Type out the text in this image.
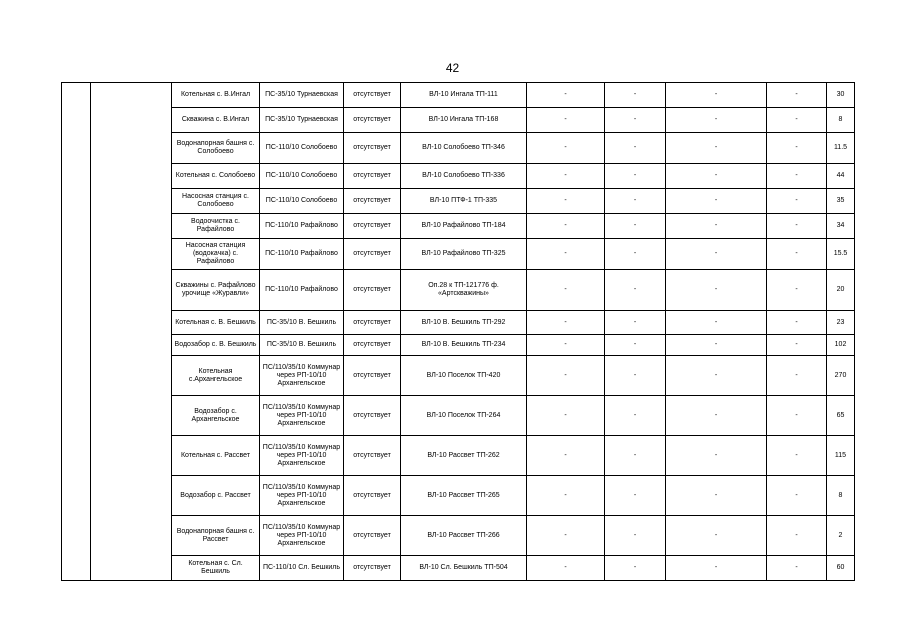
42
		Котельная с. В.Ингал	ПС-35/10 Турнаевская	отсутствует	ВЛ-10 Ингала ТП-111	-	-	-	-	30
		Скважина с. В.Ингал	ПС-35/10 Турнаевская	отсутствует	ВЛ-10 Ингала ТП-168	-	-	-	-	8
		Водонапорная башня с. Солобоево	ПС-110/10 Солобоево	отсутствует	ВЛ-10 Солобоево ТП-346	-	-	-	-	11.5
		Котельная с. Солобоево	ПС-110/10 Солобоево	отсутствует	ВЛ-10 Солобоево ТП-336	-	-	-	-	44
		Насосная станция с. Солобоево	ПС-110/10 Солобоево	отсутствует	ВЛ-10 ПТФ-1 ТП-335	-	-	-	-	35
		Водоочистка с. Рафайлово	ПС-110/10 Рафайлово	отсутствует	ВЛ-10 Рафайлово ТП-184	-	-	-	-	34
		Насосная станция (водокачка) с. Рафайлово	ПС-110/10 Рафайлово	отсутствует	ВЛ-10 Рафайлово ТП-325	-	-	-	-	15.5
		Скважины с. Рафайлово урочище «Журавли»	ПС-110/10 Рафайлово	отсутствует	Оп.28 к ТП-121776 ф. «Артскважины»	-	-	-	-	20
		Котельная с. В. Бешкиль	ПС-35/10 В. Бешкиль	отсутствует	ВЛ-10 В. Бешкиль ТП-292	-	-	-	-	23
		Водозабор с. В. Бешкиль	ПС-35/10 В. Бешкиль	отсутствует	ВЛ-10 В. Бешкиль ТП-234	-	-	-	-	102
		Котельная с.Архангельское	ПС/110/35/10 Коммунар через РП-10/10 Архангельское	отсутствует	ВЛ-10 Поселок ТП-420	-	-	-	-	270
		Водозабор с. Архангельское	ПС/110/35/10 Коммунар через РП-10/10 Архангельское	отсутствует	ВЛ-10 Поселок ТП-264	-	-	-	-	65
		Котельная с. Рассвет	ПС/110/35/10 Коммунар через РП-10/10 Архангельское	отсутствует	ВЛ-10 Рассвет ТП-262	-	-	-	-	115
		Водозабор с. Рассвет	ПС/110/35/10 Коммунар через РП-10/10 Архангельское	отсутствует	ВЛ-10 Рассвет ТП-265	-	-	-	-	8
		Водонапорная башня с. Рассвет	ПС/110/35/10 Коммунар через РП-10/10 Архангельское	отсутствует	ВЛ-10 Рассвет ТП-266	-	-	-	-	2
		Котельная с. Сл. Бешкиль	ПС-110/10 Сл. Бешкиль	отсутствует	ВЛ-10 Сл. Бешкиль ТП-504	-	-	-	-	60
